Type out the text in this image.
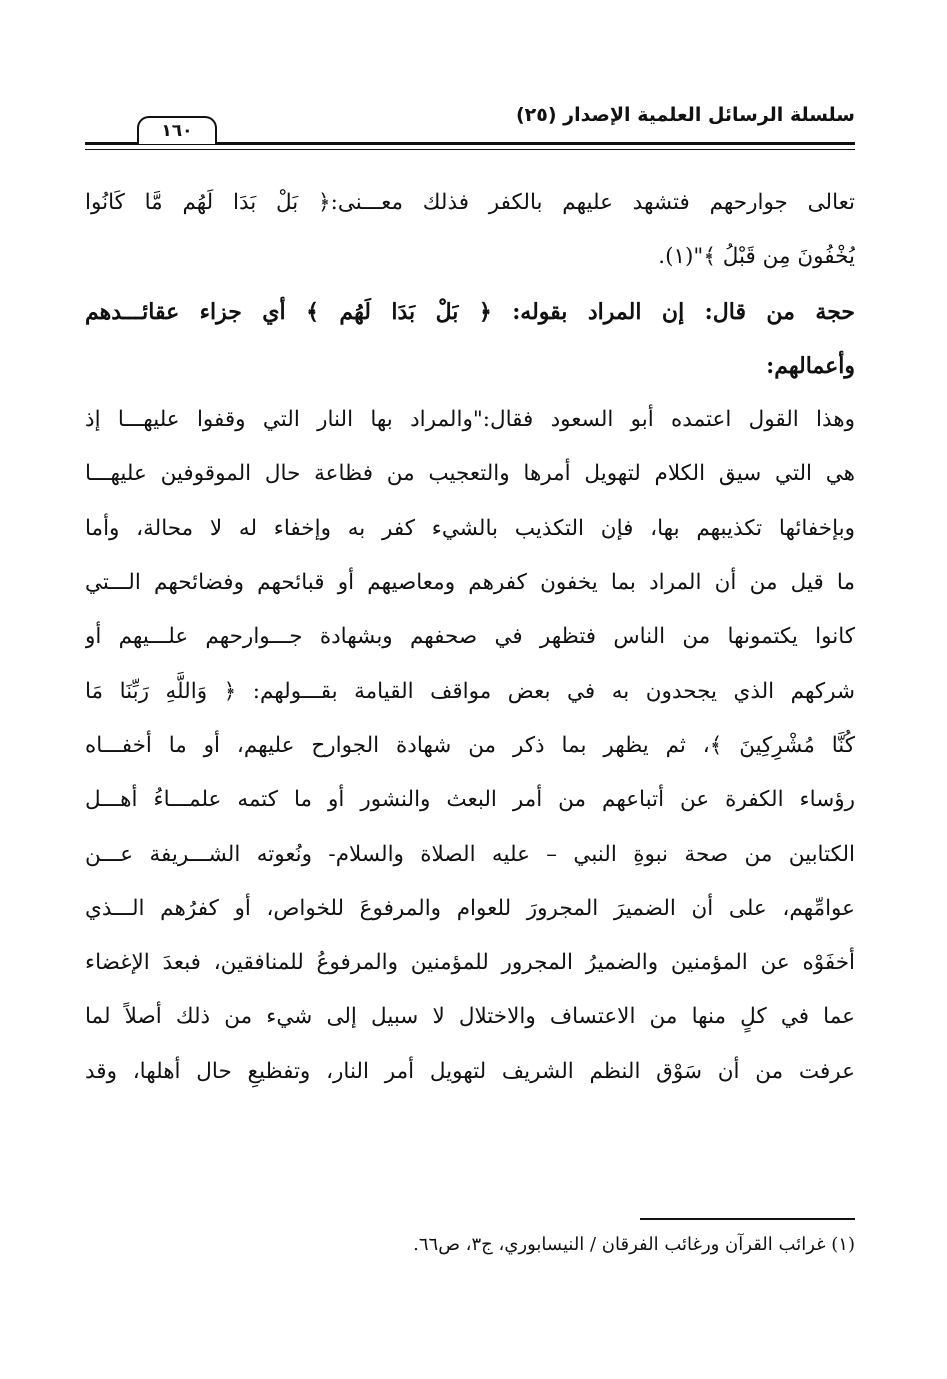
سلسلة الرسائل العلمية الإصدار (٢٥)
١٦٠
تعالى جوارحهم فتشهد عليهم بالكفر فذلك معـــنى:﴿ بَلْ بَدَا لَهُم مَّا كَانُوا
يُخْفُونَ مِن قَبْلُ ﴾"(١).
حجة من قال: إن المراد بقوله: ﴿ بَلْ بَدَا لَهُم ﴾ أي جزاء عقائـــدهم
وأعمالهم:
وهذا القول اعتمده أبو السعود فقال:"والمراد بها النار التي وقفوا عليهـــا إذ
هي التي سيق الكلام لتهويل أمرها والتعجيب من فظاعة حال الموقوفين عليهـــا
وبإخفائها تكذيبهم بها، فإن التكذيب بالشيء كفر به وإخفاء له لا محالة، وأما
ما قيل من أن المراد بما يخفون كفرهم ومعاصيهم أو قبائحهم وفضائحهم الـــتي
كانوا يكتمونها من الناس فتظهر في صحفهم وبشهادة جـــوارحهم علـــيهم أو
شركهم الذي يجحدون به في بعض مواقف القيامة بقـــولهم: ﴿ وَاللَّهِ رَبِّنَا مَا
كُنَّا مُشْرِكِينَ ﴾، ثم يظهر بما ذكر من شهادة الجوارح عليهم، أو ما أخفـــاه
رؤساء الكفرة عن أتباعهم من أمر البعث والنشور أو ما كتمه علمـــاءُ أهـــل
الكتابين من صحة نبوةِ النبي – عليه الصلاة والسلام- ونُعوته الشـــريفة عـــن
عوامِّهم، على أن الضميرَ المجرورَ للعوام والمرفوعَ للخواص، أو كفرُهم الـــذي
أخفَوْه عن المؤمنين والضميرُ المجرور للمؤمنين والمرفوعُ للمنافقين، فبعدَ الإغضاء
عما في كلٍ منها من الاعتساف والاختلال لا سبيل إلى شيء من ذلك أصلاً لما
عرفت من أن سَوْق النظم الشريف لتهويل أمر النار، وتفظيعِ حال أهلها، وقد
(١) غرائب القرآن ورغائب الفرقان / النيسابوري، ج٣، ص٦٦.
